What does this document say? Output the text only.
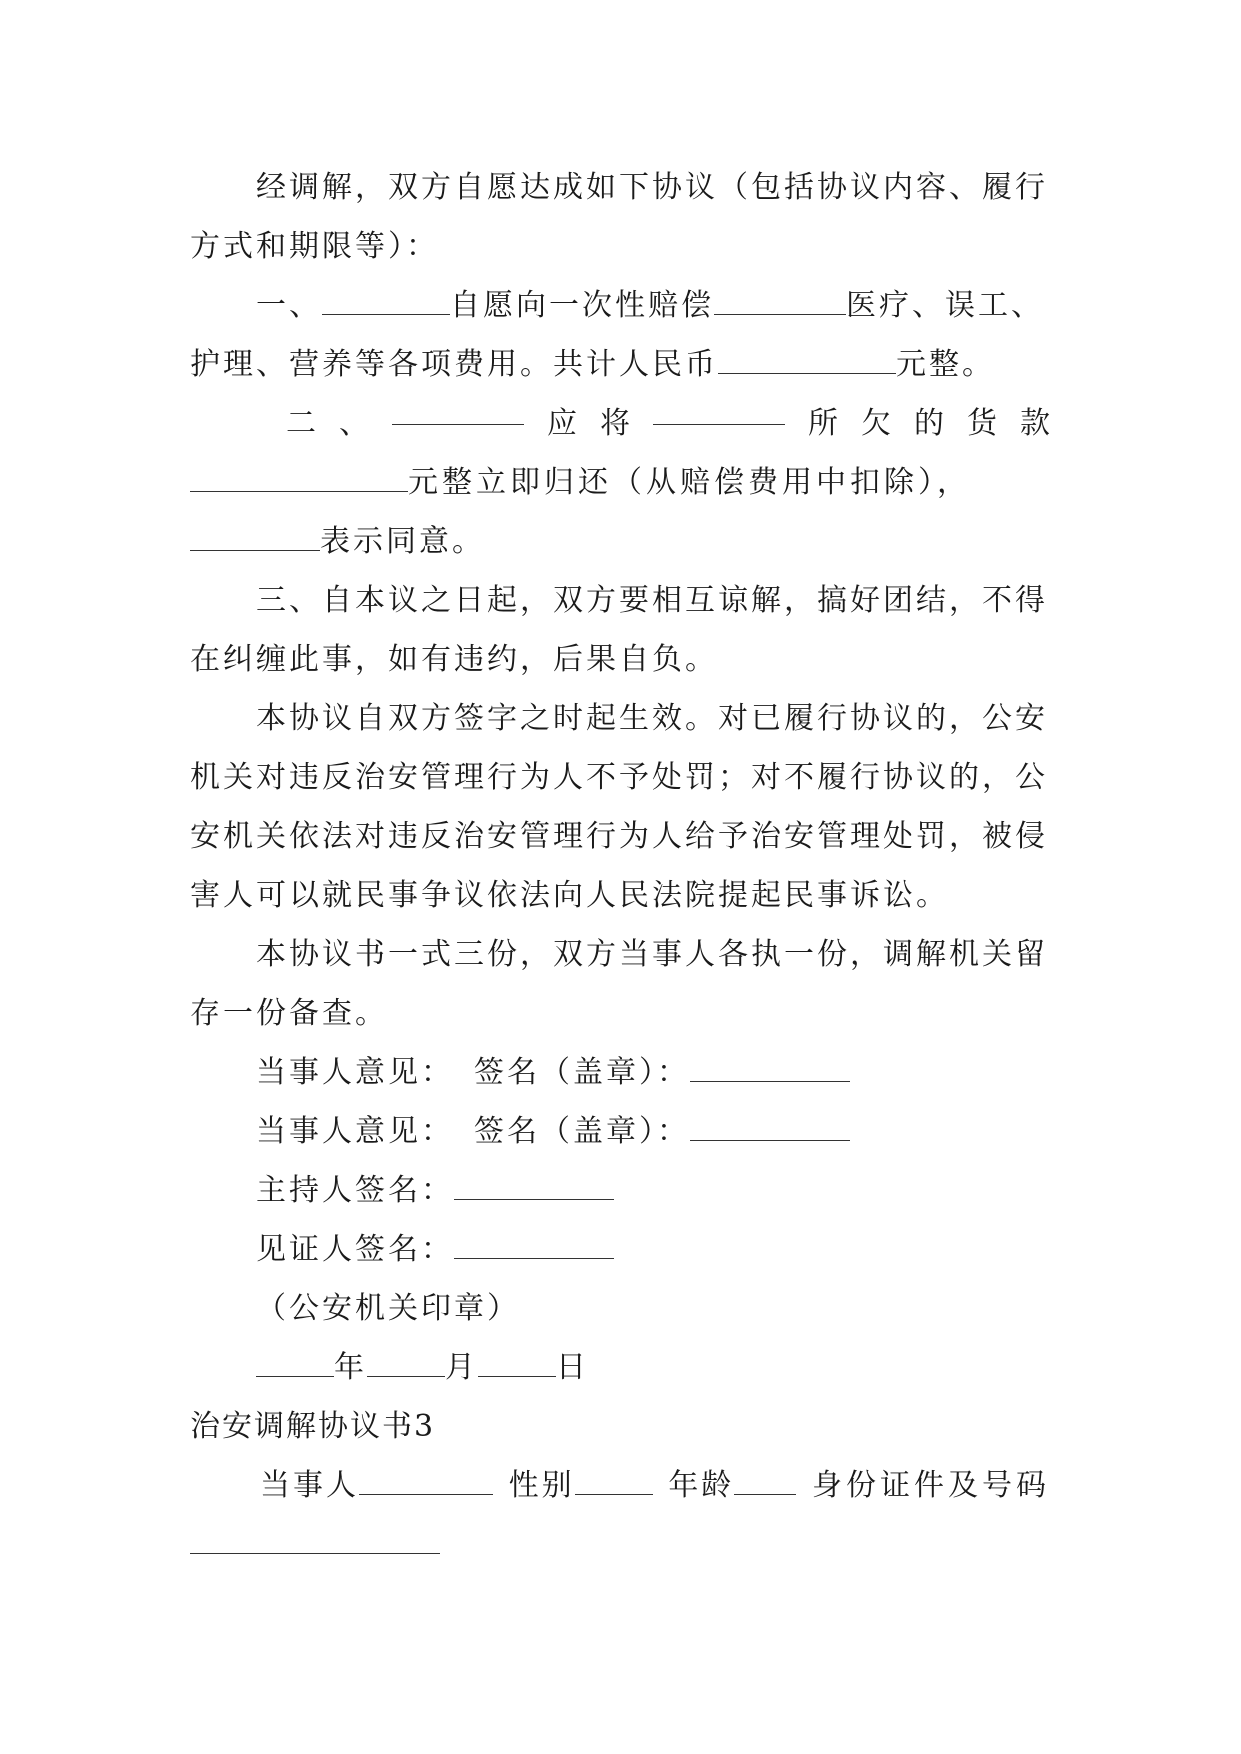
经调解，双方自愿达成如下协议（包括协议内容、履行
方式和期限等）：
一、	自愿向一次性赔偿	医疗、误工、
护理、营养等各项费用。共计人民币	元整。
二 、	应 将	所 欠 的 货 款
元整立即归还（从赔偿费用中扣除），
表示同意。
三、自本议之日起，双方要相互谅解，搞好团结，不得
在纠缠此事，如有违约，后果自负。
本协议自双方签字之时起生效。对已履行协议的，公安
机关对违反治安管理行为人不予处罚；对不履行协议的，公
安机关依法对违反治安管理行为人给予治安管理处罚，被侵
害人可以就民事争议依法向人民法院提起民事诉讼。
本协议书一式三份，双方当事人各执一份，调解机关留
存一份备查。
当事人意见： 签名（盖章）：
当事人意见： 签名（盖章）：
主持人签名：
见证人签名：
（公安机关印章）
年	月	日
治安调解协议书3
当事人	性别	年龄	身份证件及号码
